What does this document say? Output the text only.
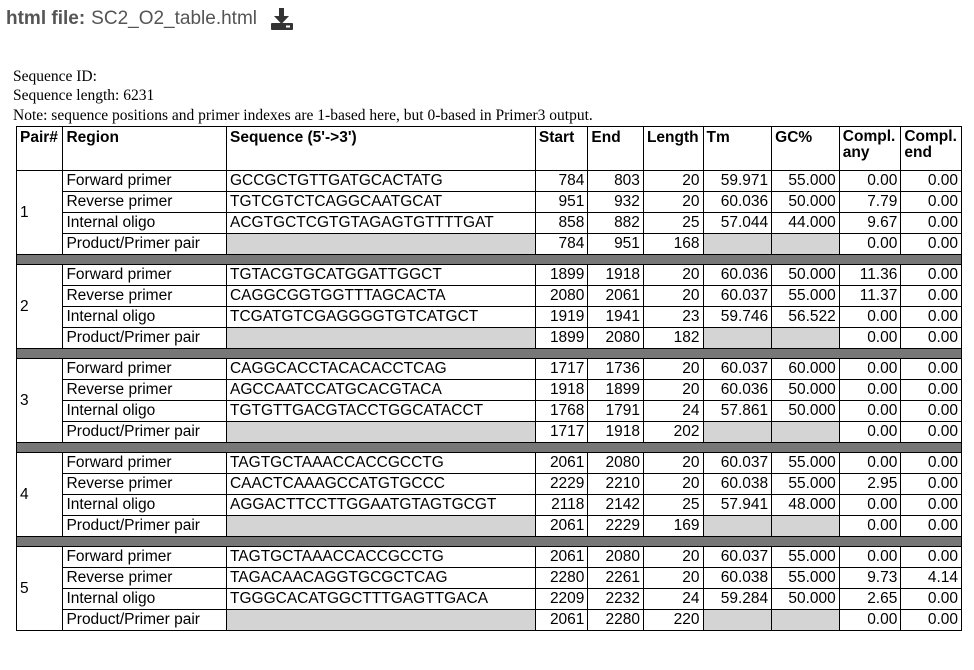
html file : SC2_O2_table.html
Sequence ID:
Sequence length: 6231
Note: sequence positions and primer indexes are 1-based here, but 0-based in Primer3 output.
Pair#	Region	Sequence (5'->3')	Start	End	Length	Tm	GC%	Compl. any	Compl. end
1	Forward primer	GCCGCTGTTGATGCACTATG	784	803	20	59.971	55.000	0.00	0.00
	Reverse primer	TGTCGTCTCAGGCAATGCAT	951	932	20	60.036	50.000	7.79	0.00
	Internal oligo	ACGTGCTCGTGTAGAGTGTTTTGAT	858	882	25	57.044	44.000	9.67	0.00
	Product/Primer pair		784	951	168			0.00	0.00

2	Forward primer	TGTACGTGCATGGATTGGCT	1899	1918	20	60.036	50.000	11.36	0.00
	Reverse primer	CAGGCGGTGGTTTAGCACTA	2080	2061	20	60.037	55.000	11.37	0.00
	Internal oligo	TCGATGTCGAGGGGTGTCATGCT	1919	1941	23	59.746	56.522	0.00	0.00
	Product/Primer pair		1899	2080	182			0.00	0.00

3	Forward primer	CAGGCACCTACACACCTCAG	1717	1736	20	60.037	60.000	0.00	0.00
	Reverse primer	AGCCAATCCATGCACGTACA	1918	1899	20	60.036	50.000	0.00	0.00
	Internal oligo	TGTGTTGACGTACCTGGCATACCT	1768	1791	24	57.861	50.000	0.00	0.00
	Product/Primer pair		1717	1918	202			0.00	0.00

4	Forward primer	TAGTGCTAAACCACCGCCTG	2061	2080	20	60.037	55.000	0.00	0.00
	Reverse primer	CAACTCAAAGCCATGTGCCC	2229	2210	20	60.038	55.000	2.95	0.00
	Internal oligo	AGGACTTCCTTGGAATGTAGTGCGT	2118	2142	25	57.941	48.000	0.00	0.00
	Product/Primer pair		2061	2229	169			0.00	0.00

5	Forward primer	TAGTGCTAAACCACCGCCTG	2061	2080	20	60.037	55.000	0.00	0.00
	Reverse primer	TAGACAACAGGTGCGCTCAG	2280	2261	20	60.038	55.000	9.73	4.14
	Internal oligo	TGGGCACATGGCTTTGAGTTGACA	2209	2232	24	59.284	50.000	2.65	0.00
	Product/Primer pair		2061	2280	220			0.00	0.00
